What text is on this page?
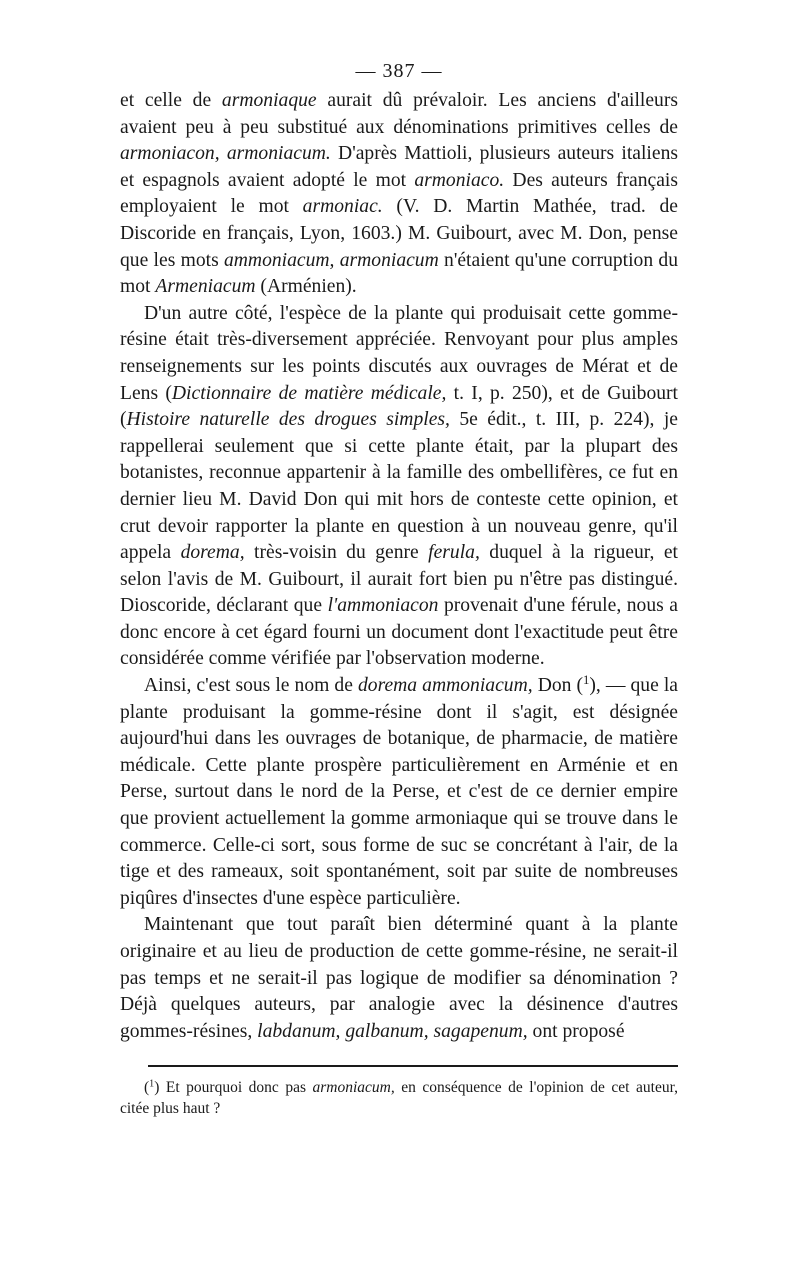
— 387 —

et celle de armoniaque aurait dû prévaloir. Les anciens d'ailleurs avaient peu à peu substitué aux dénominations primitives celles de armoniacon, armoniacum. D'après Mattioli, plusieurs auteurs italiens et espagnols avaient adopté le mot armoniaco. Des auteurs français employaient le mot armoniac. (V. D. Martin Mathée, trad. de Discoride en français, Lyon, 1603.) M. Guibourt, avec M. Don, pense que les mots ammoniacum, armoniacum n'étaient qu'une corruption du mot Armeniacum (Arménien).

D'un autre côté, l'espèce de la plante qui produisait cette gomme-résine était très-diversement appréciée. Renvoyant pour plus amples renseignements sur les points discutés aux ouvrages de Mérat et de Lens (Dictionnaire de matière médicale, t. I, p. 250), et de Guibourt (Histoire naturelle des drogues simples, 5e édit., t. III, p. 224), je rappellerai seulement que si cette plante était, par la plupart des botanistes, reconnue appartenir à la famille des ombellifères, ce fut en dernier lieu M. David Don qui mit hors de conteste cette opinion, et crut devoir rapporter la plante en question à un nouveau genre, qu'il appela dorema, très-voisin du genre ferula, duquel à la rigueur, et selon l'avis de M. Guibourt, il aurait fort bien pu n'être pas distingué. Dioscoride, déclarant que l'ammoniacon provenait d'une férule, nous a donc encore à cet égard fourni un document dont l'exactitude peut être considérée comme vérifiée par l'observation moderne.

Ainsi, c'est sous le nom de dorema ammoniacum, Don ($^1$), — que la plante produisant la gomme-résine dont il s'agit, est désignée aujourd'hui dans les ouvrages de botanique, de pharmacie, de matière médicale. Cette plante prospère particulièrement en Arménie et en Perse, surtout dans le nord de la Perse, et c'est de ce dernier empire que provient actuellement la gomme armoniaque qui se trouve dans le commerce. Celle-ci sort, sous forme de suc se concrétant à l'air, de la tige et des rameaux, soit spontanément, soit par suite de nombreuses piqûres d'insectes d'une espèce particulière.

Maintenant que tout paraît bien déterminé quant à la plante originaire et au lieu de production de cette gomme-résine, ne serait-il pas temps et ne serait-il pas logique de modifier sa dénomination ? Déjà quelques auteurs, par analogie avec la désinence d'autres gommes-résines, labdanum, galbanum, sagapenum, ont proposé

($^1$) Et pourquoi donc pas armoniacum, en conséquence de l'opinion de cet auteur, citée plus haut ?
